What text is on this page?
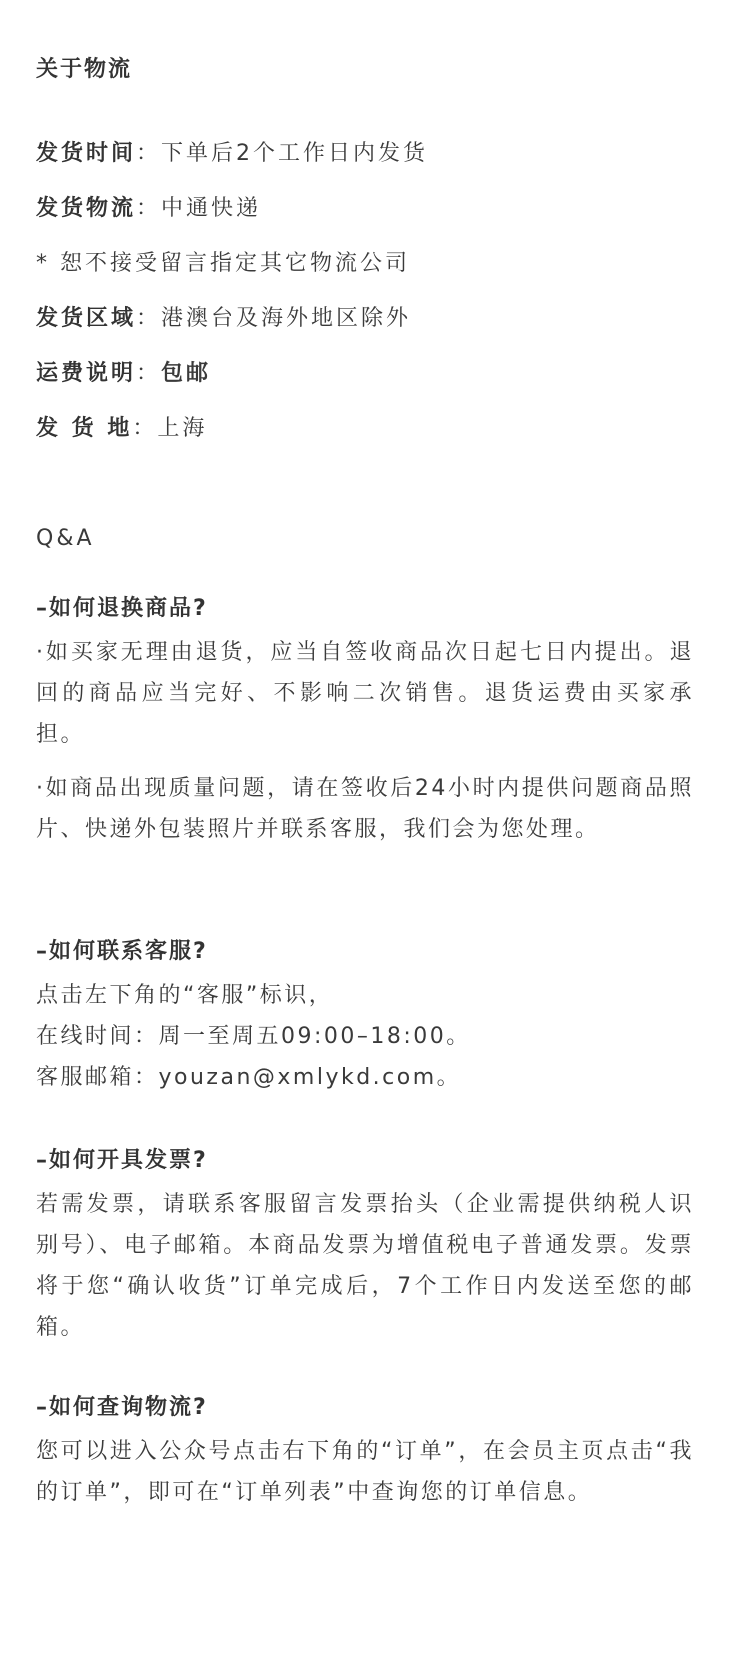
关于物流
发货时间：下单后2个工作日内发货
发货物流：中通快递
* 恕不接受留言指定其它物流公司
发货区域：港澳台及海外地区除外
运费说明：包邮
发 货 地：上海
Q&A
–如何退换商品?
·如买家无理由退货，应当自签收商品次日起七日内提出。退回的商品应当完好、不影响二次销售。退货运费由买家承担。
·如商品出现质量问题，请在签收后24小时内提供问题商品照片、快递外包装照片并联系客服，我们会为您处理。
–如何联系客服?
点击左下角的“客服”标识，
在线时间：周一至周五09:00–18:00。
客服邮箱：youzan@xmlykd.com。
–如何开具发票?
若需发票，请联系客服留言发票抬头（企业需提供纳税人识别号）、电子邮箱。本商品发票为增值税电子普通发票。发票将于您“确认收货”订单完成后，7个工作日内发送至您的邮箱。
–如何查询物流?
您可以进入公众号点击右下角的“订单”，在会员主页点击“我的订单”，即可在“订单列表”中查询您的订单信息。
